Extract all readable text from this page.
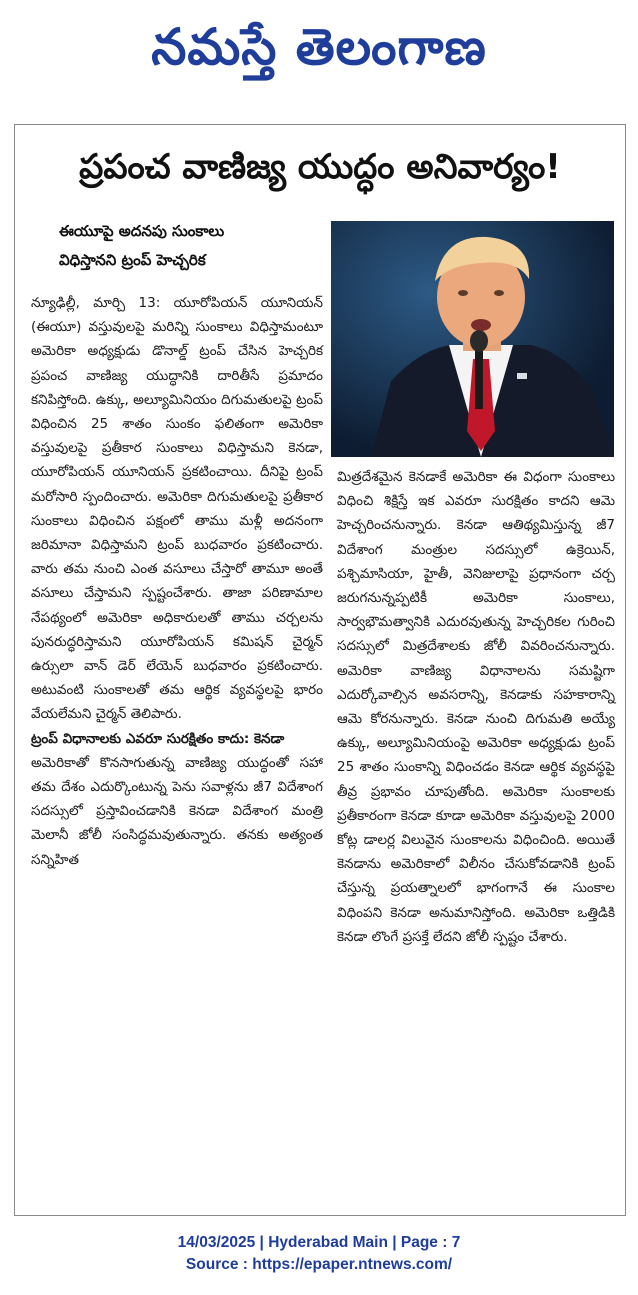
నమస్తే తెలంగాణ
ప్రపంచ వాణిజ్య యుద్ధం అనివార్యం!
ఈయూపై అదనపు సుంకాలు
విధిస్తానని ట్రంప్ హెచ్చరిక

న్యూఢిల్లీ, మార్చి 13: యూరోపియన్ యూనియన్ (ఈయూ) వస్తువులపై మరిన్ని సుంకాలు విధిస్తామంటూ అమెరికా అధ్యక్షుడు డొనాల్డ్ ట్రంప్ చేసిన హెచ్చరిక ప్రపంచ వాణిజ్య యుద్ధానికి దారితీసే ప్రమాదం కనిపిస్తోంది. ఉక్కు, అల్యూమినియం దిగుమతులపై ట్రంప్ విధించిన 25 శాతం సుంకం ఫలితంగా అమెరికా వస్తువులపై ప్రతీకార సుంకాలు విధిస్తామని కెనడా, యూరోపియన్ యూనియన్ ప్రకటించాయి. దీనిపై ట్రంప్ మరోసారి స్పందించారు. అమెరికా దిగుమతులపై ప్రతీకార సుంకాలు విధించిన పక్షంలో తాము మళ్లీ అదనంగా జరిమానా విధిస్తామని ట్రంప్ బుధవారం ప్రకటించారు. వారు తమ నుంచి ఎంత వసూలు చేస్తారో తామూ అంతే వసూలు చేస్తామని స్పష్టంచేశారు. తాజా పరిణామాల నేపథ్యంలో అమెరికా అధికారులతో తాము చర్చలను పునరుద్ధరిస్తామని యూరోపియన్ కమిషన్ చైర్మన్ ఉర్సులా వాన్ డెర్ లేయెన్ బుధవారం ప్రకటించారు. అటువంటి సుంకాలతో తమ ఆర్థిక వ్యవస్థలపై భారం వేయలేమని చైర్మన్ తెలిపారు.

ట్రంప్ విధానాలకు ఎవరూ సురక్షితం కాదు: కెనడా

అమెరికాతో కొనసాగుతున్న వాణిజ్య యుద్ధంతో సహా తమ దేశం ఎదుర్కొంటున్న పెను సవాళ్లను జీ7 విదేశాంగ సదస్సులో ప్రస్తావించడానికి కెనడా విదేశాంగ మంత్రి మెలానీ జోలీ సంసిద్ధమవుతున్నారు. తనకు అత్యంత సన్నిహిత

మిత్రదేశమైన కెనడాకే అమెరికా ఈ విధంగా సుంకాలు విధించి శిక్షిస్తే ఇక ఎవరూ సురక్షితం కాదని ఆమె హెచ్చరించనున్నారు. కెనడా ఆతిథ్యమిస్తున్న జీ7 విదేశాంగ మంత్రుల సదస్సులో ఉక్రెయిన్, పశ్చిమాసియా, హైతీ, వెనిజులాపై ప్రధానంగా చర్చ జరుగనున్నప్పటికీ అమెరికా సుంకాలు, సార్వభౌమత్వానికి ఎదురవుతున్న హెచ్చరికల గురించి సదస్సులో మిత్రదేశాలకు జోలీ వివరించనున్నారు. అమెరికా వాణిజ్య విధానాలను సమష్టిగా ఎదుర్కోవాల్సిన అవసరాన్ని, కెనడాకు సహకారాన్ని ఆమె కోరనున్నారు. కెనడా నుంచి దిగుమతి అయ్యే ఉక్కు, అల్యూమినియంపై అమెరికా అధ్యక్షుడు ట్రంప్ 25 శాతం సుంకాన్ని విధించడం కెనడా ఆర్థిక వ్యవస్థపై తీవ్ర ప్రభావం చూపుతోంది. అమెరికా సుంకాలకు ప్రతీకారంగా కెనడా కూడా అమెరికా వస్తువులపై 2000 కోట్ల డాలర్ల విలువైన సుంకాలను విధించింది. అయితే కెనడాను అమెరికాలో విలీనం చేసుకోవడానికి ట్రంప్ చేస్తున్న ప్రయత్నాలలో భాగంగానే ఈ సుంకాల విధింపని కెనడా అనుమానిస్తోంది. అమెరికా ఒత్తిడికి కెనడా లొంగే ప్రసక్తే లేదని జోలీ స్పష్టం చేశారు.

14/03/2025 | Hyderabad Main | Page : 7
Source : https://epaper.ntnews.com/
